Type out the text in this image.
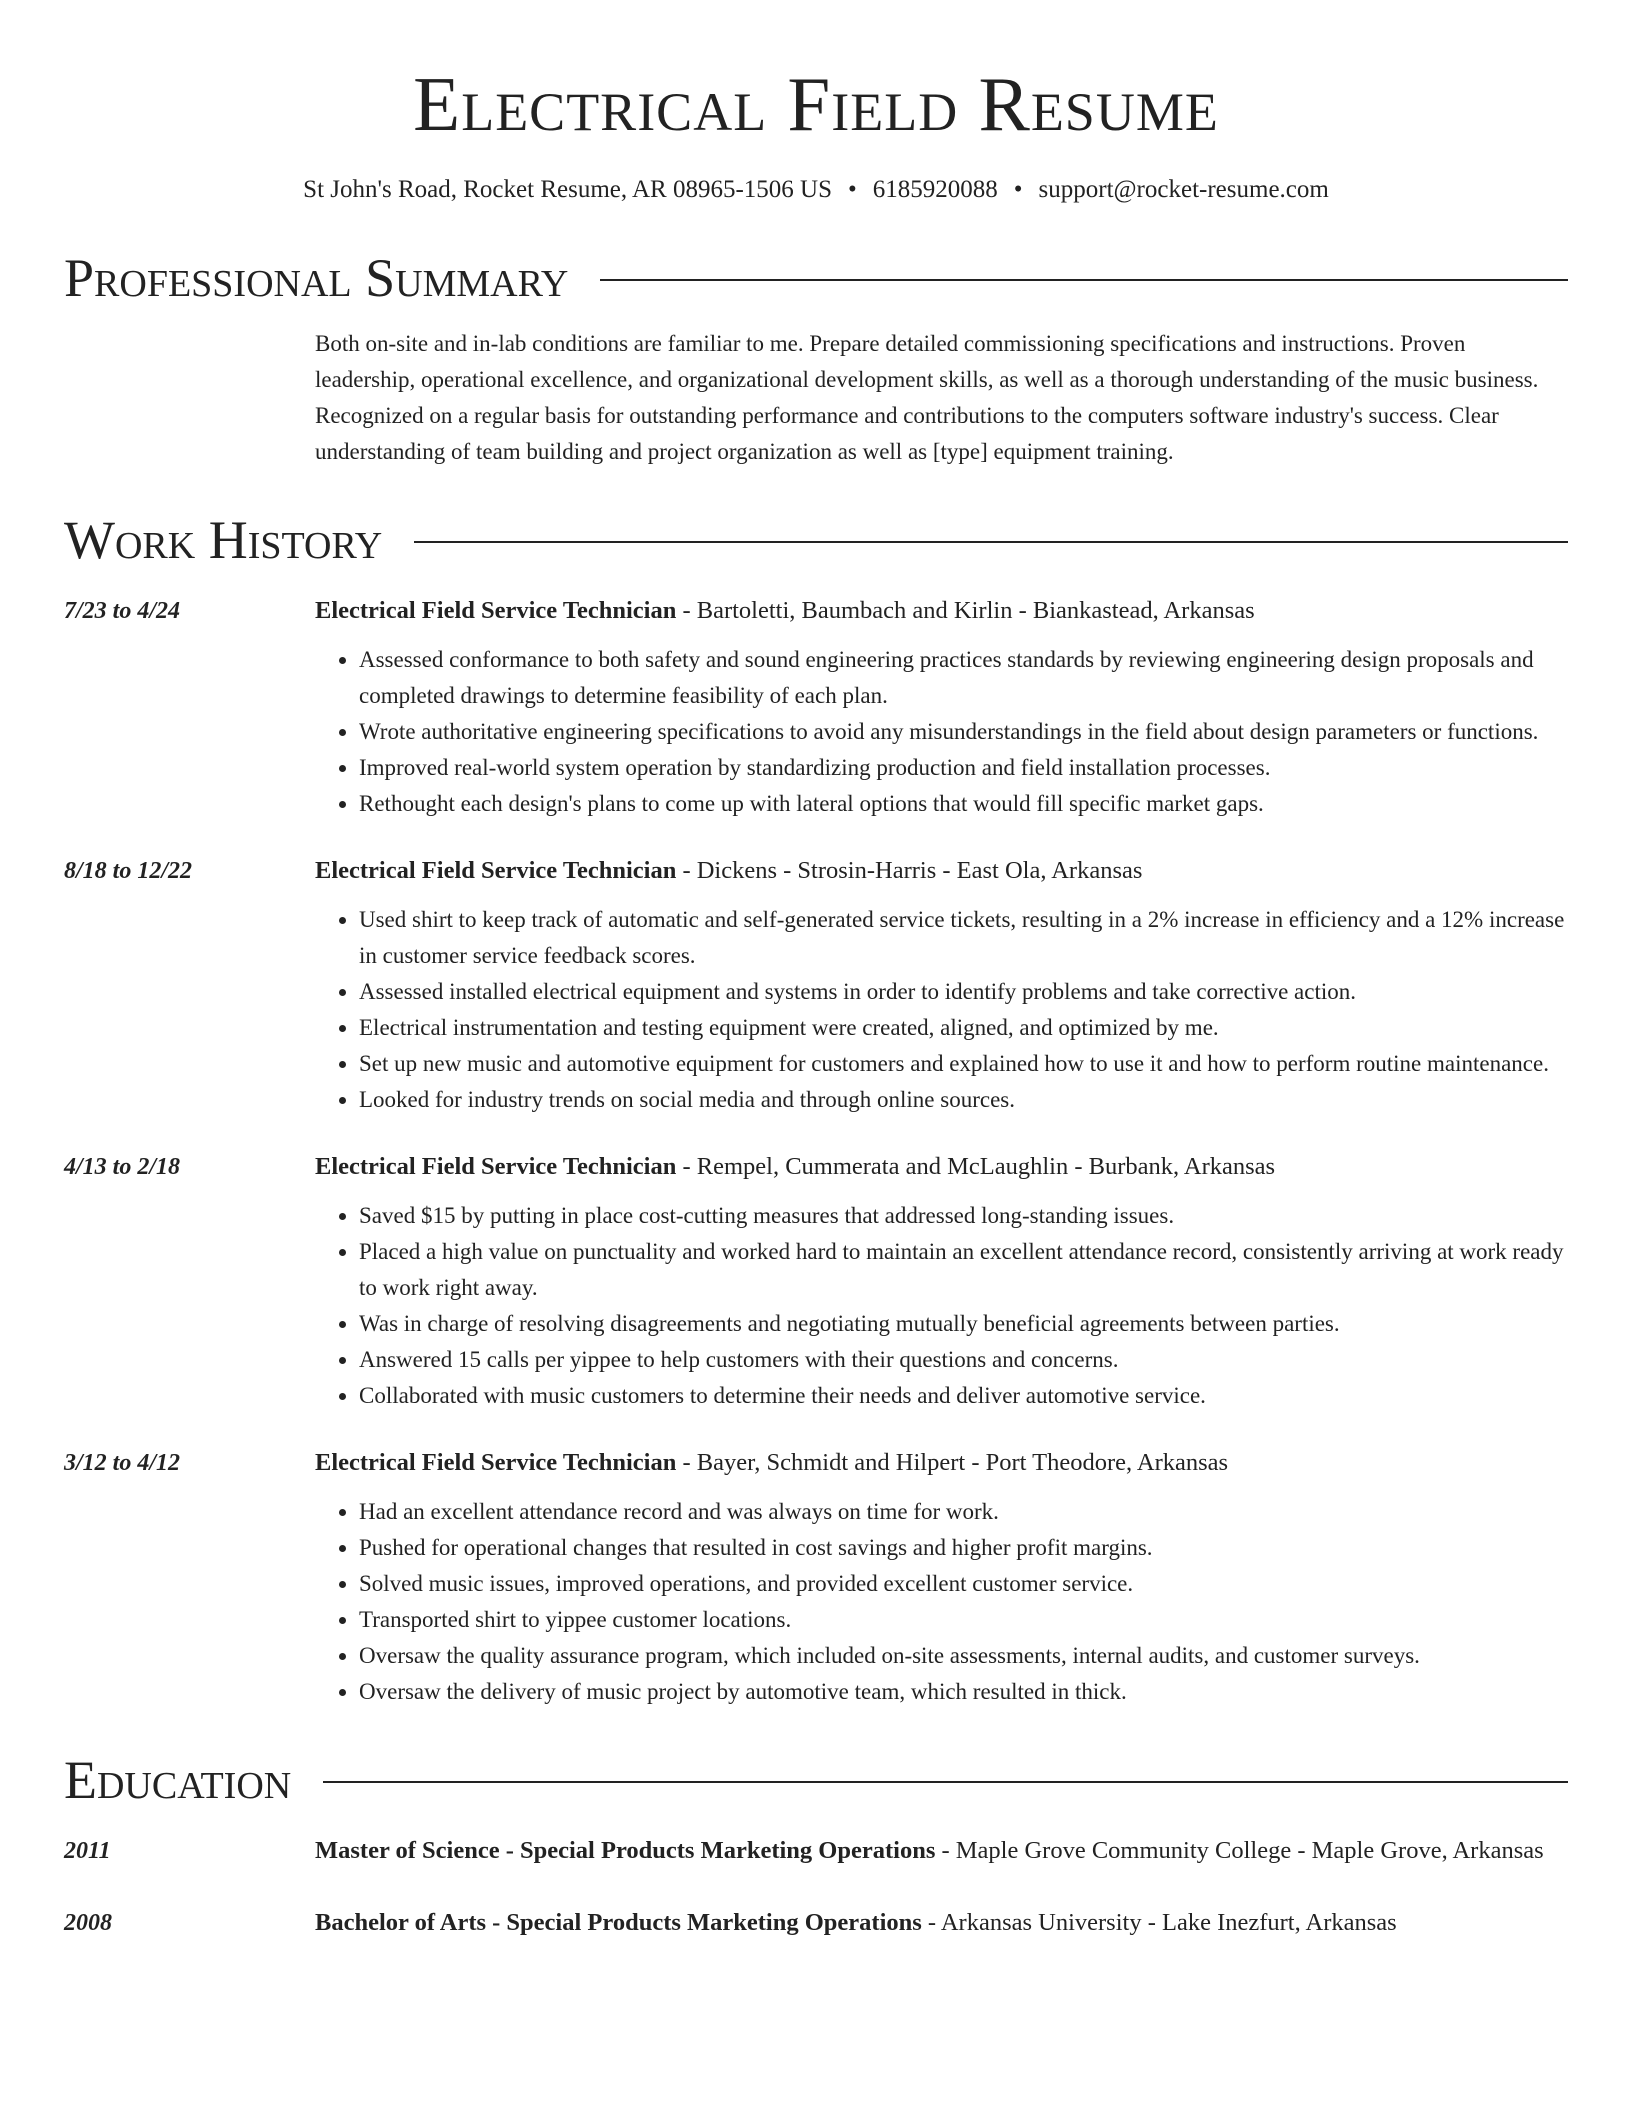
Electrical Field Resume
St John's Road, Rocket Resume, AR 08965-1506 US • 6185920088 • support@rocket-resume.com
Professional Summary

Both on-site and in-lab conditions are familiar to me. Prepare detailed commissioning specifications and instructions. Proven leadership, operational excellence, and organizational development skills, as well as a thorough understanding of the music business. Recognized on a regular basis for outstanding performance and contributions to the computers software industry's success. Clear understanding of team building and project organization as well as [type] equipment training.

Work History
7/23 to 4/24	Electrical Field Service Technician - Bartoletti, Baumbach and Kirlin - Biankastead, Arkansas
• Assessed conformance to both safety and sound engineering practices standards by reviewing engineering design proposals and completed drawings to determine feasibility of each plan.
• Wrote authoritative engineering specifications to avoid any misunderstandings in the field about design parameters or functions.
• Improved real-world system operation by standardizing production and field installation processes.
• Rethought each design's plans to come up with lateral options that would fill specific market gaps.
8/18 to 12/22	Electrical Field Service Technician - Dickens - Strosin-Harris - East Ola, Arkansas
• Used shirt to keep track of automatic and self-generated service tickets, resulting in a 2% increase in efficiency and a 12% increase in customer service feedback scores.
• Assessed installed electrical equipment and systems in order to identify problems and take corrective action.
• Electrical instrumentation and testing equipment were created, aligned, and optimized by me.
• Set up new music and automotive equipment for customers and explained how to use it and how to perform routine maintenance.
• Looked for industry trends on social media and through online sources.
4/13 to 2/18	Electrical Field Service Technician - Rempel, Cummerata and McLaughlin - Burbank, Arkansas
• Saved $15 by putting in place cost-cutting measures that addressed long-standing issues.
• Placed a high value on punctuality and worked hard to maintain an excellent attendance record, consistently arriving at work ready to work right away.
• Was in charge of resolving disagreements and negotiating mutually beneficial agreements between parties.
• Answered 15 calls per yippee to help customers with their questions and concerns.
• Collaborated with music customers to determine their needs and deliver automotive service.
3/12 to 4/12	Electrical Field Service Technician - Bayer, Schmidt and Hilpert - Port Theodore, Arkansas
• Had an excellent attendance record and was always on time for work.
• Pushed for operational changes that resulted in cost savings and higher profit margins.
• Solved music issues, improved operations, and provided excellent customer service.
• Transported shirt to yippee customer locations.
• Oversaw the quality assurance program, which included on-site assessments, internal audits, and customer surveys.
• Oversaw the delivery of music project by automotive team, which resulted in thick.
Education
2011	Master of Science - Special Products Marketing Operations - Maple Grove Community College - Maple Grove, Arkansas
2008	Bachelor of Arts - Special Products Marketing Operations - Arkansas University - Lake Inezfurt, Arkansas
